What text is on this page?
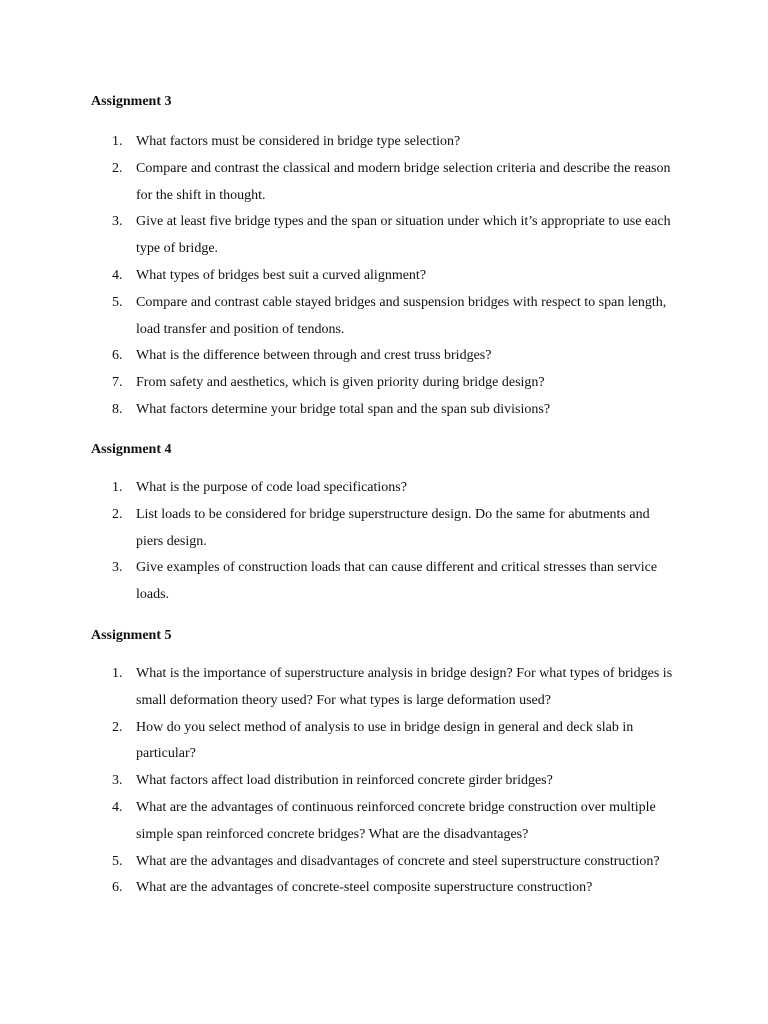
Assignment 3
1. What factors must be considered in bridge type selection?
2. Compare and contrast the classical and modern bridge selection criteria and describe the reason for the shift in thought.
3. Give at least five bridge types and the span or situation under which it’s appropriate to use each type of bridge.
4. What types of bridges best suit a curved alignment?
5. Compare and contrast cable stayed bridges and suspension bridges with respect to span length, load transfer and position of tendons.
6. What is the difference between through and crest truss bridges?
7. From safety and aesthetics, which is given priority during bridge design?
8. What factors determine your bridge total span and the span sub divisions?
Assignment 4
1. What is the purpose of code load specifications?
2. List loads to be considered for bridge superstructure design. Do the same for abutments and piers design.
3. Give examples of construction loads that can cause different and critical stresses than service loads.
Assignment 5
1. What is the importance of superstructure analysis in bridge design? For what types of bridges is small deformation theory used? For what types is large deformation used?
2. How do you select method of analysis to use in bridge design in general and deck slab in particular?
3. What factors affect load distribution in reinforced concrete girder bridges?
4. What are the advantages of continuous reinforced concrete bridge construction over multiple simple span reinforced concrete bridges? What are the disadvantages?
5. What are the advantages and disadvantages of concrete and steel superstructure construction?
6. What are the advantages of concrete-steel composite superstructure construction?
